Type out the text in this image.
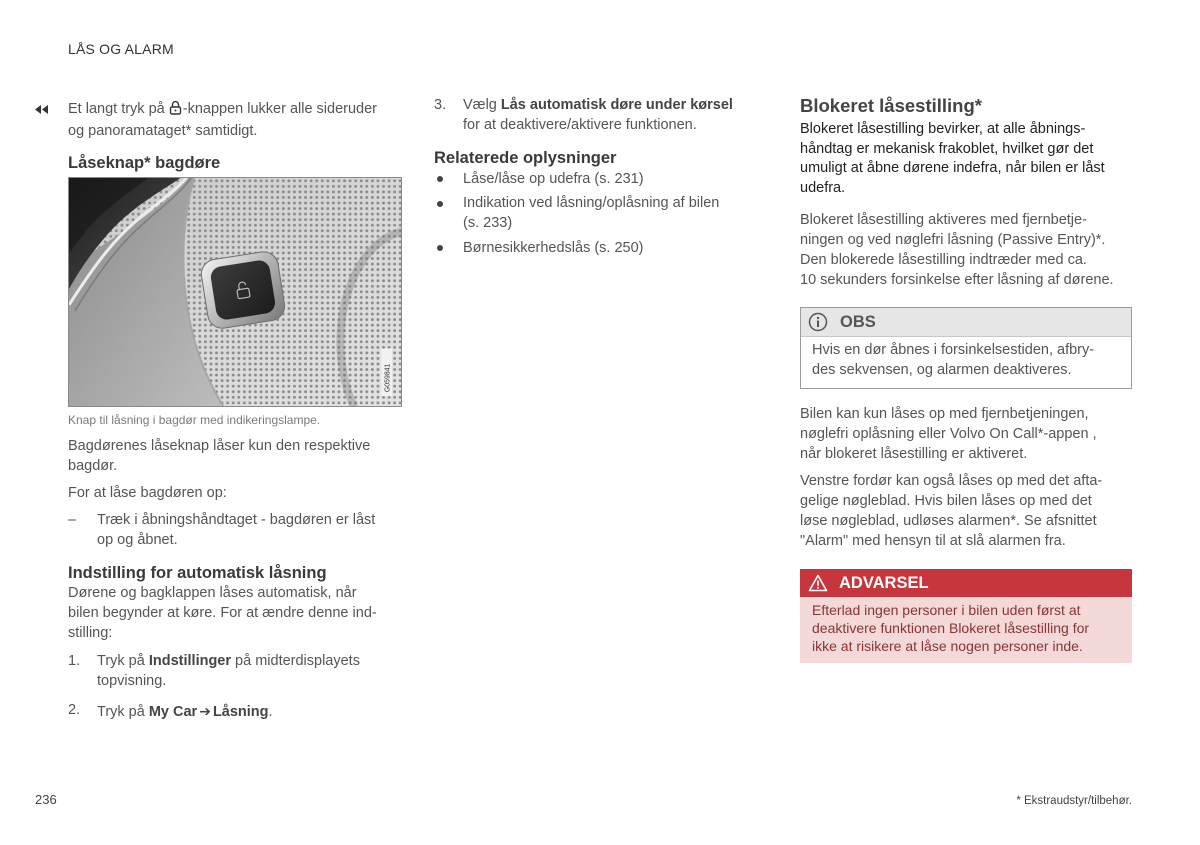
LÅS OG ALARM
Et langt tryk på -knappen lukker alle sideruder
og panoramataget* samtidigt.
Låseknap* bagdøre
G059841
Knap til låsning i bagdør med indikeringslampe.
Bagdørenes låseknap låser kun den respektive
bagdør.
For at låse bagdøren op:
– Træk i åbningshåndtaget - bagdøren er låst
op og åbnet.
Indstilling for automatisk låsning
Dørene og bagklappen låses automatisk, når
bilen begynder at køre. For at ændre denne ind-
stilling:
1. Tryk på Indstillinger på midterdisplayets
topvisning.
2. Tryk på My Car ➔ Låsning.
3. Vælg Lås automatisk døre under kørsel
for at deaktivere/aktivere funktionen.
Relaterede oplysninger
Låse/låse op udefra (s. 231)
Indikation ved låsning/oplåsning af bilen
(s. 233)
Børnesikkerhedslås (s. 250)
Blokeret låsestilling*
Blokeret låsestilling bevirker, at alle åbnings-
håndtag er mekanisk frakoblet, hvilket gør det
umuligt at åbne dørene indefra, når bilen er låst
udefra.
Blokeret låsestilling aktiveres med fjernbetje-
ningen og ved nøglefri låsning (Passive Entry)*.
Den blokerede låsestilling indtræder med ca.
10 sekunders forsinkelse efter låsning af dørene.
OBS
Hvis en dør åbnes i forsinkelsestiden, afbry-
des sekvensen, og alarmen deaktiveres.
Bilen kan kun låses op med fjernbetjeningen,
nøglefri oplåsning eller Volvo On Call*-appen ,
når blokeret låsestilling er aktiveret.
Venstre fordør kan også låses op med det afta-
gelige nøgleblad. Hvis bilen låses op med det
løse nøgleblad, udløses alarmen*. Se afsnittet
"Alarm" med hensyn til at slå alarmen fra.
ADVARSEL
Efterlad ingen personer i bilen uden først at
deaktivere funktionen Blokeret låsestilling for
ikke at risikere at låse nogen personer inde.
236	* Ekstraudstyr/tilbehør.
